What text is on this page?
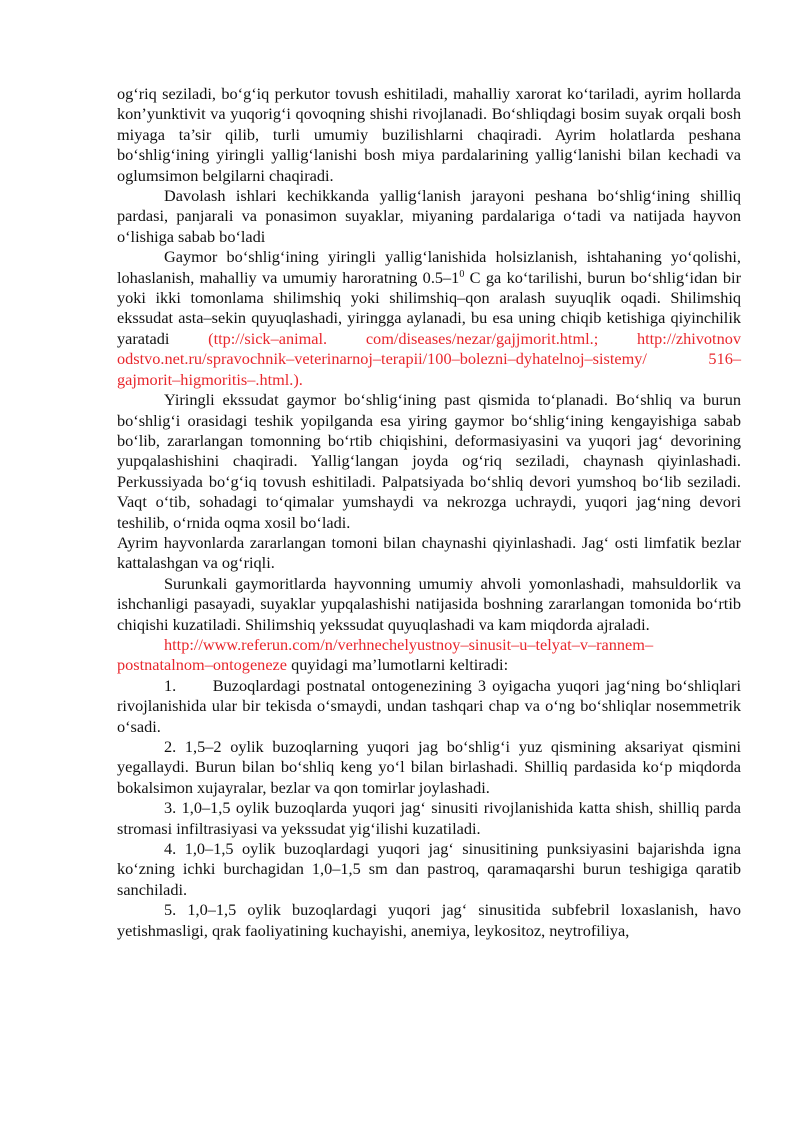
og‘riq seziladi, bo‘g‘iq perkutor tovush eshitiladi, mahalliy xarorat ko‘tariladi, ayrim hollarda kon’yunktivit va yuqorig‘i qovoqning shishi rivojlanadi. Bo‘shliqdagi bosim suyak orqali bosh miyaga ta’sir qilib, turli umumiy buzilishlarni chaqiradi. Ayrim holatlarda peshana bo‘shlig‘ining yiringli yallig‘lanishi bosh miya pardalarining yallig‘lanishi bilan kechadi va oglumsimon belgilarni chaqiradi.

Davolash ishlari kechikkanda yallig‘lanish jarayoni peshana bo‘shlig‘ining shilliq pardasi, panjarali va ponasimon suyaklar, miyaning pardalariga o‘tadi va natijada hayvon o‘lishiga sabab bo‘ladi

Gaymor bo‘shlig‘ining yiringli yallig‘lanishida holsizlanish, ishtahaning yo‘qolishi, lohaslanish, mahalliy va umumiy haroratning $0.5-1^0$ C ga ko‘tarilishi, burun bo‘shlig‘idan bir yoki ikki tomonlama shilimshiq yoki shilimshiq–qon aralash suyuqlik oqadi. Shilimshiq ekssudat asta–sekin quyuqlashadi, yiringga aylanadi, bu esa uning chiqib ketishiga qiyinchilik yaratadi (ttp://sick–animal. com/diseases/nezar/gajjmorit.html.; http://zhivotnov odstvo.net.ru/spravochnik–veterinarnoj–terapii/100–bolezni–dyhatelnoj–sistemy/ 516–gajmorit–higmoritis–.html.).

Yiringli ekssudat gaymor bo‘shlig‘ining past qismida to‘planadi. Bo‘shliq va burun bo‘shlig‘i orasidagi teshik yopilganda esa yiring gaymor bo‘shlig‘ining kengayishiga sabab bo‘lib, zararlangan tomonning bo‘rtib chiqishini, deformasiyasini va yuqori jag‘ devorining yupqalashishini chaqiradi. Yallig‘langan joyda og‘riq seziladi, chaynash qiyinlashadi. Perkussiyada bo‘g‘iq tovush eshitiladi. Palpatsiyada bo‘shliq devori yumshoq bo‘lib seziladi. Vaqt o‘tib, sohadagi to‘qimalar yumshaydi va nekrozga uchraydi, yuqori jag‘ning devori teshilib, o‘rnida oqma xosil bo‘ladi.

Ayrim hayvonlarda zararlangan tomoni bilan chaynashi qiyinlashadi. Jag‘ osti limfatik bezlar kattalashgan va og‘riqli.

Surunkali gaymoritlarda hayvonning umumiy ahvoli yomonlashadi, mahsuldorlik va ishchanligi pasayadi, suyaklar yupqalashishi natijasida boshning zararlangan tomonida bo‘rtib chiqishi kuzatiladi. Shilimshiq yekssudat quyuqlashadi va kam miqdorda ajraladi.

http://www.referun.com/n/verhnechelyustnoy–sinusit–u–telyat–v–rannem–postnatalnom–ontogeneze quyidagi ma’lumotlarni keltiradi:

1.      Buzoqlardagi postnatal ontogenezining 3 oyigacha yuqori jag‘ning bo‘shliqlari rivojlanishida ular bir tekisda o‘smaydi, undan tashqari chap va o‘ng bo‘shliqlar nosemmetrik o‘sadi.

2. 1,5–2 oylik buzoqlarning yuqori jag bo‘shlig‘i yuz qismining aksariyat qismini yegallaydi. Burun bilan bo‘shliq keng yo‘l bilan birlashadi. Shilliq pardasida ko‘p miqdorda bokalsimon xujayralar, bezlar va qon tomirlar joylashadi.

3. 1,0–1,5 oylik buzoqlarda yuqori jag‘ sinusiti rivojlanishida katta shish, shilliq parda stromasi infiltrasiyasi va yekssudat yig‘ilishi kuzatiladi.

4. 1,0–1,5 oylik buzoqlardagi yuqori jag‘ sinusitining punksiyasini bajarishda igna ko‘zning ichki burchagidan 1,0–1,5 sm dan pastroq, qaramaqarshi burun teshigiga qaratib sanchiladi.

5. 1,0–1,5 oylik buzoqlardagi yuqori jag‘ sinusitida subfebril loxaslanish, havo yetishmasligi, qrak faoliyatining kuchayishi, anemiya, leykositoz, neytrofiliya,
